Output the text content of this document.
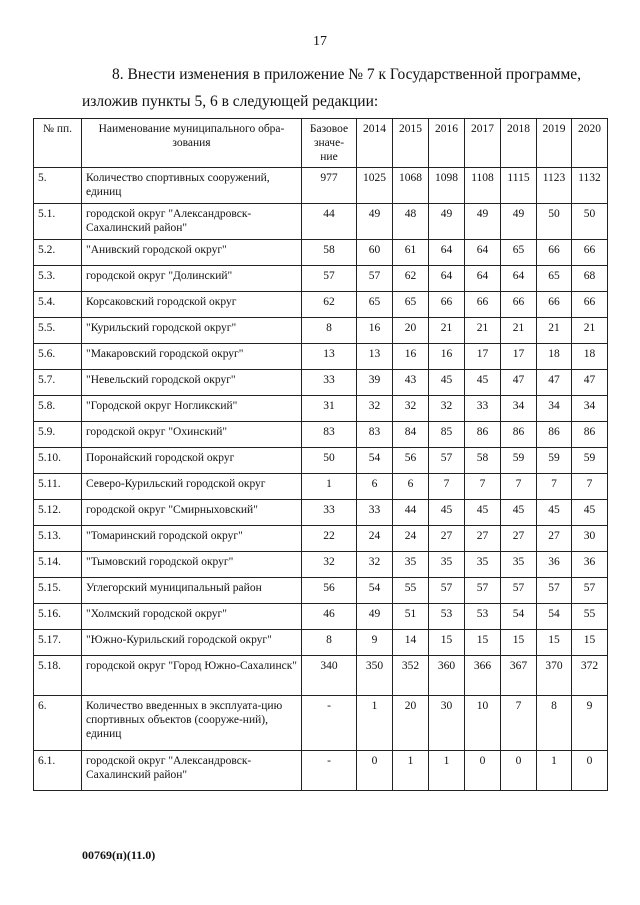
17
8. Внести изменения в приложение № 7 к Государственной программе,
изложив пункты 5, 6 в следующей редакции:
№ пп.	Наименование муниципального обра-зования	Базовое значе-ние	2014	2015	2016	2017	2018	2019	2020
5.	Количество спортивных сооружений, единиц	977	1025	1068	1098	1108	1115	1123	1132
5.1.	городской округ "Александровск-Сахалинский район"	44	49	48	49	49	49	50	50
5.2.	"Анивский городской округ"	58	60	61	64	64	65	66	66
5.3.	городской округ "Долинский"	57	57	62	64	64	64	65	68
5.4.	Корсаковский городской округ	62	65	65	66	66	66	66	66
5.5.	"Курильский городской округ"	8	16	20	21	21	21	21	21
5.6.	"Макаровский городской округ"	13	13	16	16	17	17	18	18
5.7.	"Невельский городской округ"	33	39	43	45	45	47	47	47
5.8.	"Городской округ Ногликский"	31	32	32	32	33	34	34	34
5.9.	городской округ "Охинский"	83	83	84	85	86	86	86	86
5.10.	Поронайский городской округ	50	54	56	57	58	59	59	59
5.11.	Северо-Курильский городской округ	1	6	6	7	7	7	7	7
5.12.	городской округ "Смирныховский"	33	33	44	45	45	45	45	45
5.13.	"Томаринский городской округ"	22	24	24	27	27	27	27	30
5.14.	"Тымовский городской округ"	32	32	35	35	35	35	36	36
5.15.	Углегорский муниципальный район	56	54	55	57	57	57	57	57
5.16.	"Холмский городской округ"	46	49	51	53	53	54	54	55
5.17.	"Южно-Курильский городской округ"	8	9	14	15	15	15	15	15
5.18.	городской округ "Город Южно-Сахалинск"	340	350	352	360	366	367	370	372
6.	Количество введенных в эксплуата-цию спортивных объектов (сооруже-ний), единиц	-	1	20	30	10	7	8	9
6.1.	городской округ "Александровск-Сахалинский район"	-	0	1	1	0	0	1	0
00769(п)(11.0)
